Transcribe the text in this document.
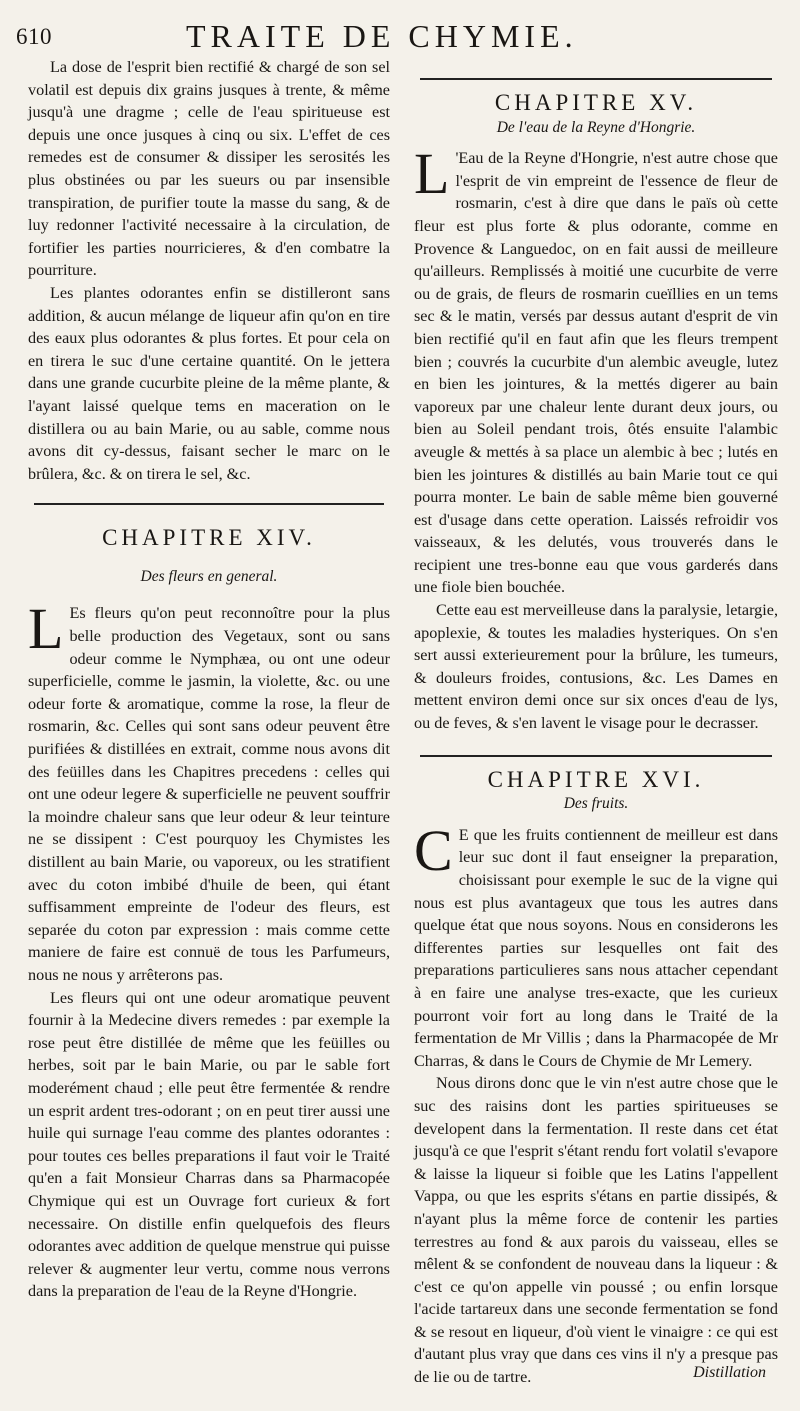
610	TRAITE DE CHYMIE.

La dose de l'esprit bien rectifié & chargé de son sel volatil est depuis dix grains jusques à trente, & même jusqu'à une dragme ; celle de l'eau spiritueuse est depuis une once jusques à cinq ou six. L'effet de ces remedes est de consumer & dissiper les serosités les plus obstinées ou par les sueurs ou par insensible transpiration, de purifier toute la masse du sang, & de luy redonner l'activité necessaire à la circulation, de fortifier les parties nourricieres, & d'en combatre la pourriture.

Les plantes odorantes enfin se distilleront sans addition, & aucun mélange de liqueur afin qu'on en tire des eaux plus odorantes & plus fortes. Et pour cela on en tirera le suc d'une certaine quantité. On le jettera dans une grande cucurbite pleine de la même plante, & l'ayant laissé quelque tems en maceration on le distillera ou au bain Marie, ou au sable, comme nous avons dit cy-dessus, faisant secher le marc on le brûlera, &c. & on tirera le sel, &c.

CHAPITRE XIV.
Des fleurs en general.

L Es fleurs qu'on peut reconnoître pour la plus belle production des Vegetaux, sont ou sans odeur comme le Nymphæa, ou ont une odeur superficielle, comme le jasmin, la violette, &c. ou une odeur forte & aromatique, comme la rose, la fleur de rosmarin, &c. Celles qui sont sans odeur peuvent être purifiées & distillées en extrait, comme nous avons dit des feüilles dans les Chapitres precedens : celles qui ont une odeur legere & superficielle ne peuvent souffrir la moindre chaleur sans que leur odeur & leur teinture ne se dissipent : C'est pourquoy les Chymistes les distillent au bain Marie, ou vaporeux, ou les stratifient avec du coton imbibé d'huile de been, qui étant suffisamment empreinte de l'odeur des fleurs, est separée du coton par expression : mais comme cette maniere de faire est connuë de tous les Parfumeurs, nous ne nous y arrêterons pas.

Les fleurs qui ont une odeur aromatique peuvent fournir à la Medecine divers remedes : par exemple la rose peut être distillée de même que les feüilles ou herbes, soit par le bain Marie, ou par le sable fort moderément chaud ; elle peut être fermentée & rendre un esprit ardent tres-odorant ; on en peut tirer aussi une huile qui surnage l'eau comme des plantes odorantes : pour toutes ces belles preparations il faut voir le Traité qu'en a fait Monsieur Charras dans sa Pharmacopée Chymique qui est un Ouvrage fort curieux & fort necessaire. On distille enfin quelquefois des fleurs odorantes avec addition de quelque menstrue qui puisse relever & augmenter leur vertu, comme nous verrons dans la preparation de l'eau de la Reyne d'Hongrie.

CHAPITRE XV.
De l'eau de la Reyne d'Hongrie.

L 'Eau de la Reyne d'Hongrie, n'est autre chose que l'esprit de vin empreint de l'essence de fleur de rosmarin, c'est à dire que dans le païs où cette fleur est plus forte & plus odorante, comme en Provence & Languedoc, on en fait aussi de meilleure qu'ailleurs. Remplissés à moitié une cucurbite de verre ou de grais, de fleurs de rosmarin cueïllies en un tems sec & le matin, versés par dessus autant d'esprit de vin bien rectifié qu'il en faut afin que les fleurs trempent bien ; couvrés la cucurbite d'un alembic aveugle, lutez en bien les jointures, & la mettés digerer au bain vaporeux par une chaleur lente durant deux jours, ou bien au Soleil pendant trois, ôtés ensuite l'alambic aveugle & mettés à sa place un alembic à bec ; lutés en bien les jointures & distillés au bain Marie tout ce qui pourra monter. Le bain de sable même bien gouverné est d'usage dans cette operation. Laissés refroidir vos vaisseaux, & les delutés, vous trouverés dans le recipient une tres-bonne eau que vous garderés dans une fiole bien bouchée.

Cette eau est merveilleuse dans la paralysie, letargie, apoplexie, & toutes les maladies hysteriques. On s'en sert aussi exterieurement pour la brûlure, les tumeurs, & douleurs froides, contusions, &c. Les Dames en mettent environ demi once sur six onces d'eau de lys, ou de feves, & s'en lavent le visage pour le decrasser.

CHAPITRE XVI.
Des fruits.

C E que les fruits contiennent de meilleur est dans leur suc dont il faut enseigner la preparation, choisissant pour exemple le suc de la vigne qui nous est plus avantageux que tous les autres dans quelque état que nous soyons. Nous en considerons les differentes parties sur lesquelles ont fait des preparations particulieres sans nous attacher cependant à en faire une analyse tres-exacte, que les curieux pourront voir fort au long dans le Traité de la fermentation de Mr Villis ; dans la Pharmacopée de Mr Charras, & dans le Cours de Chymie de Mr Lemery.

Nous dirons donc que le vin n'est autre chose que le suc des raisins dont les parties spiritueuses se developent dans la fermentation. Il reste dans cet état jusqu'à ce que l'esprit s'étant rendu fort volatil s'evapore & laisse la liqueur si foible que les Latins l'appellent Vappa, ou que les esprits s'étans en partie dissipés, & n'ayant plus la même force de contenir les parties terrestres au fond & aux parois du vaisseau, elles se mêlent & se confondent de nouveau dans la liqueur : & c'est ce qu'on appelle vin poussé ; ou enfin lorsque l'acide tartareux dans une seconde fermentation se fond & se resout en liqueur, d'où vient le vinaigre : ce qui est d'autant plus vray que dans ces vins il n'y a presque pas de lie ou de tartre.	Distillation
